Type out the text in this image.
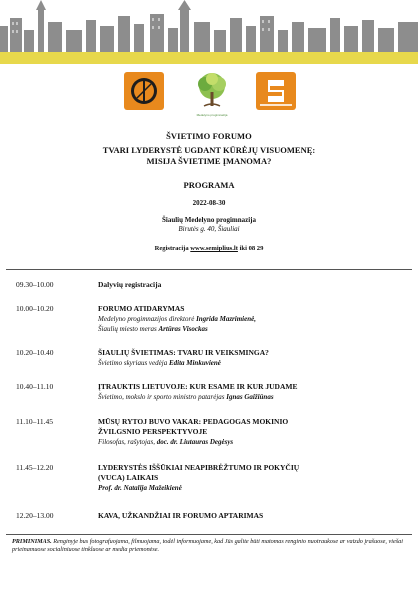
Medelyno progimnazija
ŠVIETIMO FORUMO
TVARI LYDERYSTĖ UGDANT KŪRĖJŲ VISUOMENĘ:
MISIJA ŠVIETIME ĮMANOMA?
PROGRAMA
2022-08-30
Šiaulių Medelyno progimnazija
Birutės g. 40, Šiauliai
Registracija www.semiplius.lt iki 08 29
09.30–10.00	Dalyvių registracija
10.00–10.20	FORUMO ATIDARYMAS
Medelyno progimnazijos direktorė Ingrida Mazrimienė,
Šiaulių miesto meras Artūras Visockas
10.20–10.40	ŠIAULIŲ ŠVIETIMAS: TVARU IR VEIKSMINGA?
Švietimo skyriaus vedėja Edita Minkuvienė
10.40–11.10	ĮTRAUKTIS LIETUVOJE: KUR ESAME IR KUR JUDAME
Švietimo, mokslo ir sporto ministro patarėjas Ignas Gaižiūnas
11.10–11.45	MŪSŲ RYTOJ BUVO VAKAR: PEDAGOGAS MOKINIO
ŽVILGSNIO PERSPEKTYVOJE
Filosofas, rašytojas, doc. dr. Liutauras Degėsys
11.45–12.20	LYDERYSTĖS IŠŠŪKIAI NEAPIBRĖŽTUMO IR POKYČIŲ
(VUCA) LAIKAIS
Prof. dr. Natalija Mažeikienė
12.20–13.00	KAVA, UŽKANDŽIAI IR FORUMO APTARIMAS
PRIMINIMAS. Renginyje bus fotografuojama, filmuojama, todėl informuojame, kad Jūs galite būti matomas renginio nuotraukose ar vaizdo įrašuose, viešai prieinamuose socialiniuose tinkluose ar media priemonėse.
